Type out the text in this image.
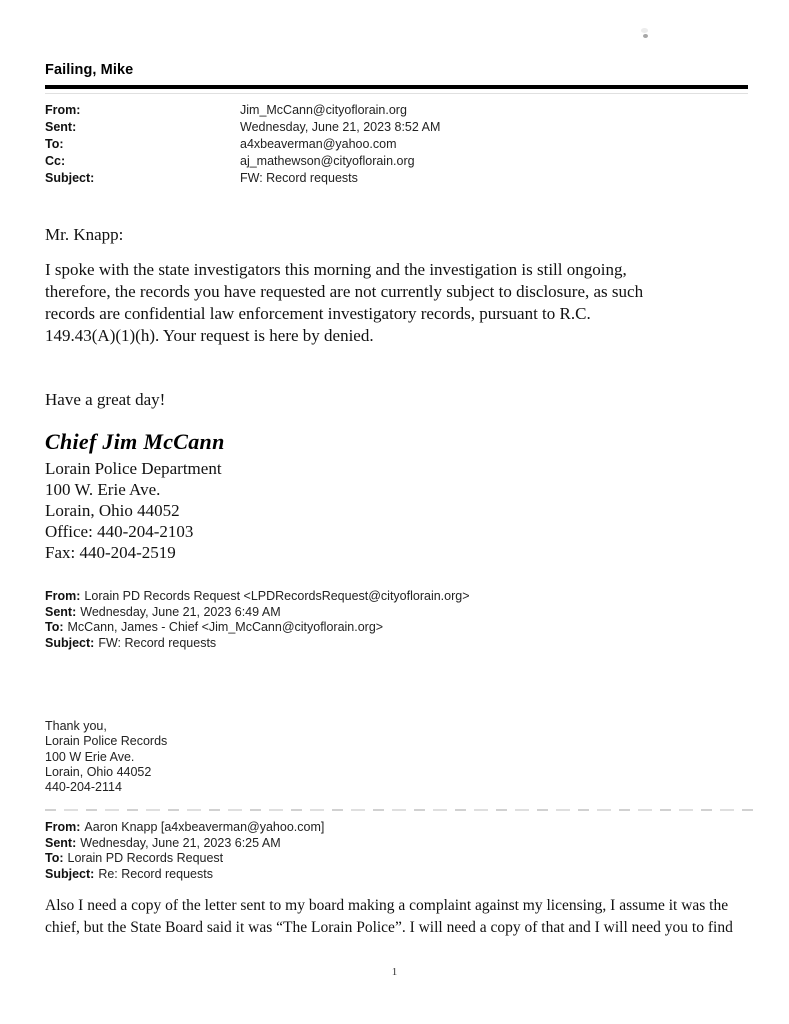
Failing, Mike
From:	Jim_McCann@cityoflorain.org
Sent:	Wednesday, June 21, 2023 8:52 AM
To:	a4xbeaverman@yahoo.com
Cc:	aj_mathewson@cityoflorain.org
Subject:	FW: Record requests
Mr. Knapp:
I spoke with the state investigators this morning and the investigation is still ongoing,
therefore, the records you have requested are not currently subject to disclosure, as such
records are confidential law enforcement investigatory records, pursuant to R.C.
149.43(A)(1)(h). Your request is here by denied.
Have a great day!
Chief Jim McCann
Lorain Police Department
100 W. Erie Ave.
Lorain, Ohio 44052
Office: 440-204-2103
Fax: 440-204-2519
From: Lorain PD Records Request <LPDRecordsRequest@cityoflorain.org>
Sent: Wednesday, June 21, 2023 6:49 AM
To: McCann, James - Chief <Jim_McCann@cityoflorain.org>
Subject: FW: Record requests
Thank you,
Lorain Police Records
100 W Erie Ave.
Lorain, Ohio 44052
440-204-2114
From: Aaron Knapp [a4xbeaverman@yahoo.com]
Sent: Wednesday, June 21, 2023 6:25 AM
To: Lorain PD Records Request
Subject: Re: Record requests
Also I need a copy of the letter sent to my board making a complaint against my licensing, I assume it was the
chief, but the State Board said it was “The Lorain Police”. I will need a copy of that and I will need you to find
1
